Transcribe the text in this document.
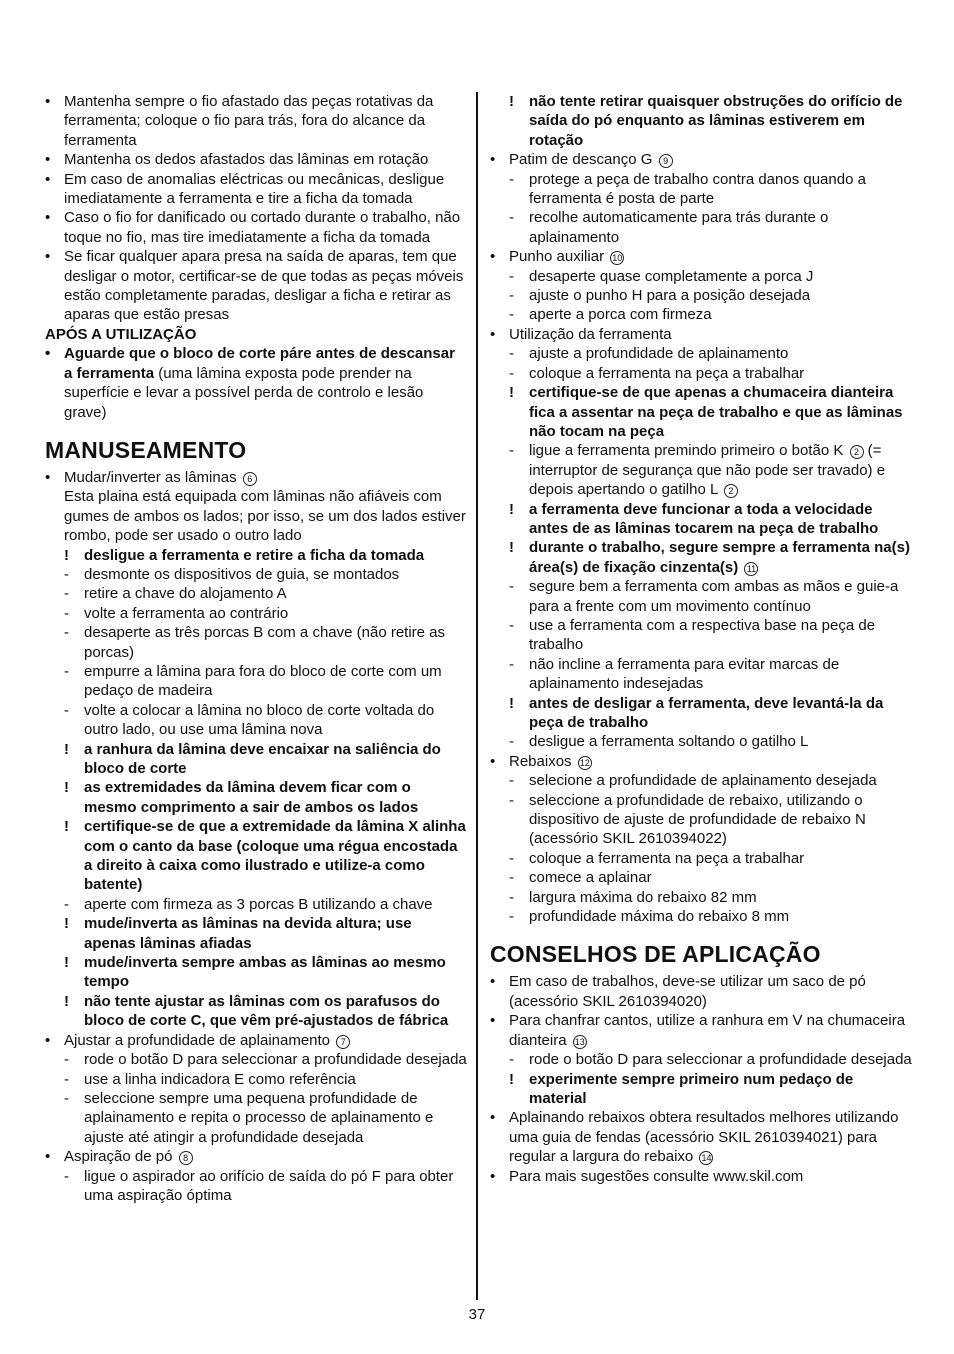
• Mantenha sempre o fio afastado das peças rotativas da ferramenta; coloque o fio para trás, fora do alcance da ferramenta
• Mantenha os dedos afastados das lâminas em rotação
• Em caso de anomalias eléctricas ou mecânicas, desligue imediatamente a ferramenta e tire a ficha da tomada
• Caso o fio for danificado ou cortado durante o trabalho, não toque no fio, mas tire imediatamente a ficha da tomada
• Se ficar qualquer apara presa na saída de aparas, tem que desligar o motor, certificar-se de que todas as peças móveis estão completamente paradas, desligar a ficha e retirar as aparas que estão presas
APÓS A UTILIZAÇÃO
• Aguarde que o bloco de corte páre antes de descansar a ferramenta (uma lâmina exposta pode prender na superfície e levar a possível perda de controlo e lesão grave)
MANUSEAMENTO
• Mudar/inverter as lâminas 6
Esta plaina está equipada com lâminas não afiáveis com gumes de ambos os lados; por isso, se um dos lados estiver rombo, pode ser usado o outro lado
!	desligue a ferramenta e retire a ficha da tomada
-	desmonte os dispositivos de guia, se montados
-	retire a chave do alojamento A
-	volte a ferramenta ao contrário
-	desaperte as três porcas B com a chave (não retire as porcas)
-	empurre a lâmina para fora do bloco de corte com um pedaço de madeira
-	volte a colocar a lâmina no bloco de corte voltada do outro lado, ou use uma lâmina nova
!	a ranhura da lâmina deve encaixar na saliência do bloco de corte
!	as extremidades da lâmina devem ficar com o mesmo comprimento a sair de ambos os lados
!	certifique-se de que a extremidade da lâmina X alinha com o canto da base (coloque uma régua encostada a direito à caixa como ilustrado e utilize-a como batente)
-	aperte com firmeza as 3 porcas B utilizando a chave
!	mude/inverta as lâminas na devida altura; use apenas lâminas afiadas
!	mude/inverta sempre ambas as lâminas ao mesmo tempo
!	não tente ajustar as lâminas com os parafusos do bloco de corte C, que vêm pré-ajustados de fábrica
• Ajustar a profundidade de aplainamento 7
-	rode o botão D para seleccionar a profundidade desejada
-	use a linha indicadora E como referência
-	seleccione sempre uma pequena profundidade de aplainamento e repita o processo de aplainamento e ajuste até atingir a profundidade desejada
• Aspiração de pó 8
-	ligue o aspirador ao orifício de saída do pó F para obter uma aspiração óptima
!	não tente retirar quaisquer obstruções do orifício de saída do pó enquanto as lâminas estiverem em rotação
• Patim de descanço G 9
-	protege a peça de trabalho contra danos quando a ferramenta é posta de parte
-	recolhe automaticamente para trás durante o aplainamento
• Punho auxiliar 10
-	desaperte quase completamente a porca J
-	ajuste o punho H para a posição desejada
-	aperte a porca com firmeza
• Utilização da ferramenta
-	ajuste a profundidade de aplainamento
-	coloque a ferramenta na peça a trabalhar
!	certifique-se de que apenas a chumaceira dianteira fica a assentar na peça de trabalho e que as lâminas não tocam na peça
-	ligue a ferramenta premindo primeiro o botão K 2 (= interruptor de segurança que não pode ser travado) e depois apertando o gatilho L 2
!	a ferramenta deve funcionar a toda a velocidade antes de as lâminas tocarem na peça de trabalho
!	durante o trabalho, segure sempre a ferramenta na(s) área(s) de fixação cinzenta(s) 11
-	segure bem a ferramenta com ambas as mãos e guie-a para a frente com um movimento contínuo
-	use a ferramenta com a respectiva base na peça de trabalho
-	não incline a ferramenta para evitar marcas de aplainamento indesejadas
!	antes de desligar a ferramenta, deve levantá-la da peça de trabalho
-	desligue a ferramenta soltando o gatilho L
• Rebaixos 12
-	selecione a profundidade de aplainamento desejada
-	seleccione a profundidade de rebaixo, utilizando o dispositivo de ajuste de profundidade de rebaixo N (acessório SKIL 2610394022)
-	coloque a ferramenta na peça a trabalhar
-	comece a aplainar
-	largura máxima do rebaixo 82 mm
-	profundidade máxima do rebaixo 8 mm
CONSELHOS DE APLICAÇÃO
• Em caso de trabalhos, deve-se utilizar um saco de pó (acessório SKIL 2610394020)
• Para chanfrar cantos, utilize a ranhura em V na chumaceira dianteira 13
-	rode o botão D para seleccionar a profundidade desejada
!	experimente sempre primeiro num pedaço de material
• Aplainando rebaixos obtera resultados melhores utilizando uma guia de fendas (acessório SKIL 2610394021) para regular a largura do rebaixo 14
• Para mais sugestões consulte www.skil.com
37
